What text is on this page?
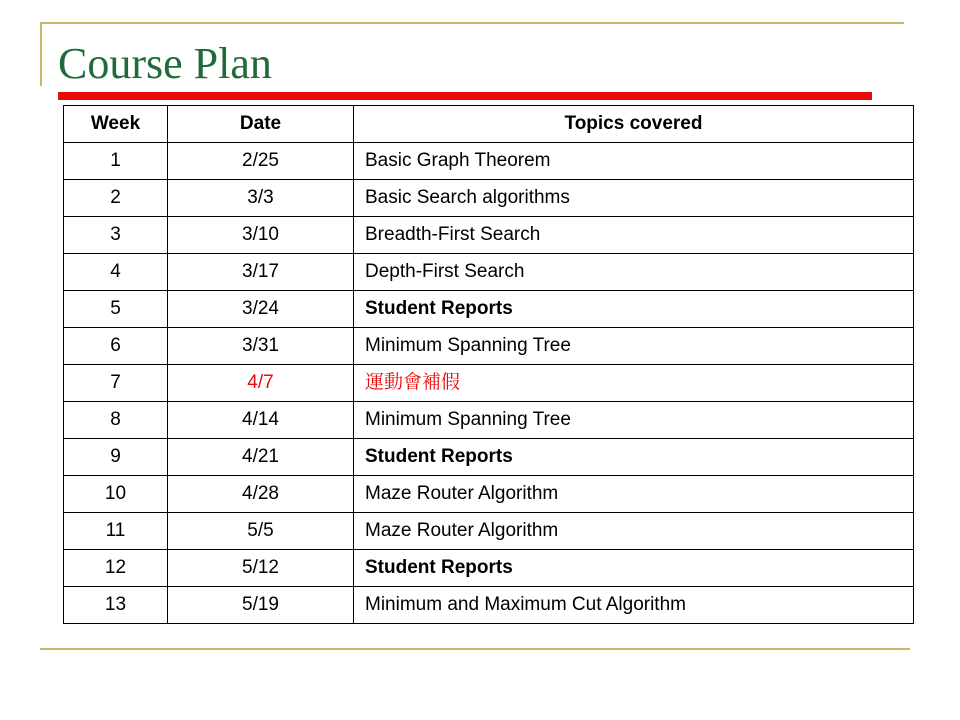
Course Plan
Week	Date	Topics covered
1	2/25	Basic Graph Theorem
2	3/3	Basic Search algorithms
3	3/10	Breadth-First Search
4	3/17	Depth-First Search
5	3/24	Student Reports
6	3/31	Minimum Spanning Tree
7	4/7	運動會補假
8	4/14	Minimum Spanning Tree
9	4/21	Student Reports
10	4/28	Maze Router Algorithm
11	5/5	Maze Router Algorithm
12	5/12	Student Reports
13	5/19	Minimum and Maximum Cut Algorithm
